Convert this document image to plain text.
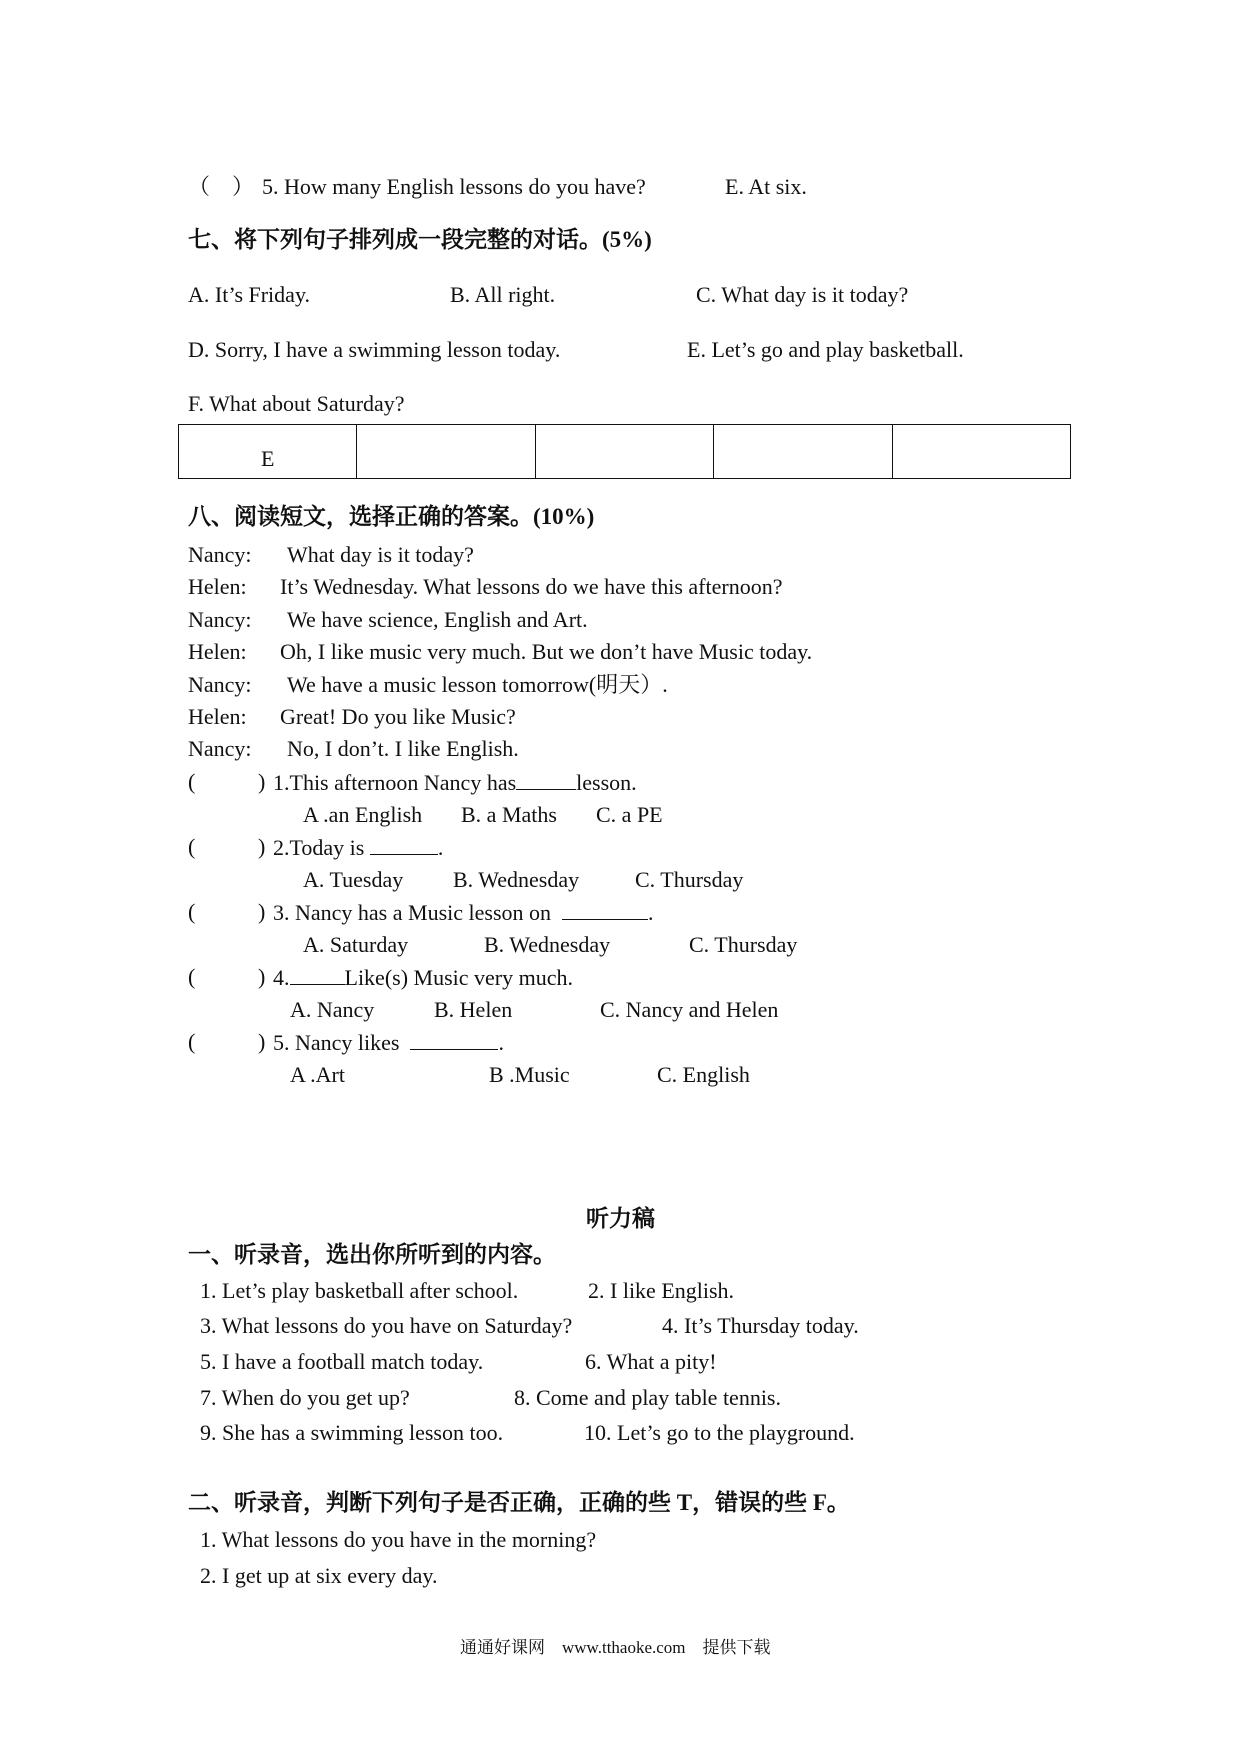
（　） 5. How many English lessons do you have?	E. At six.
七、将下列句子排列成一段完整的对话。(5%)
A. It’s Friday.	B. All right.	C. What day is it today?
D. Sorry, I have a swimming lesson today.	E. Let’s go and play basketball.
F. What about Saturday?
E

八、阅读短文，选择正确的答案。(10%)
Nancy: What day is it today?
Helen: It’s Wednesday. What lessons do we have this afternoon?
Nancy: We have science, English and Art.
Helen: Oh, I like music very much. But we don’t have Music today.
Nancy: We have a music lesson tomorrow(明天）.
Helen: Great! Do you like Music?
Nancy: No, I don’t. I like English.
(	) 1.This afternoon Nancy has	lesson.
A .an English B. a Maths C. a PE
(	) 2.Today is	.
A. Tuesday B. Wednesday	C. Thursday
(	) 3. Nancy has a Music lesson on	.
A. Saturday	B. Wednesday	C. Thursday
(	) 4.	Like(s) Music very much.
A. Nancy	B. Helen	C. Nancy and Helen
(	) 5. Nancy likes	.
A .Art	B .Music	C. English
听力稿
一、听录音，选出你所听到的内容。
1. Let’s play basketball after school.	2. I like English.
3. What lessons do you have on Saturday?	4. It’s Thursday today.
5. I have a football match today.	6. What a pity!
7. When do you get up?	8. Come and play table tennis.
9. She has a swimming lesson too.	10. Let’s go to the playground.
二、听录音，判断下列句子是否正确，正确的些 T，错误的些 F。
1. What lessons do you have in the morning?
2. I get up at six every day.
通通好课网　www.tthaoke.com　提供下载
